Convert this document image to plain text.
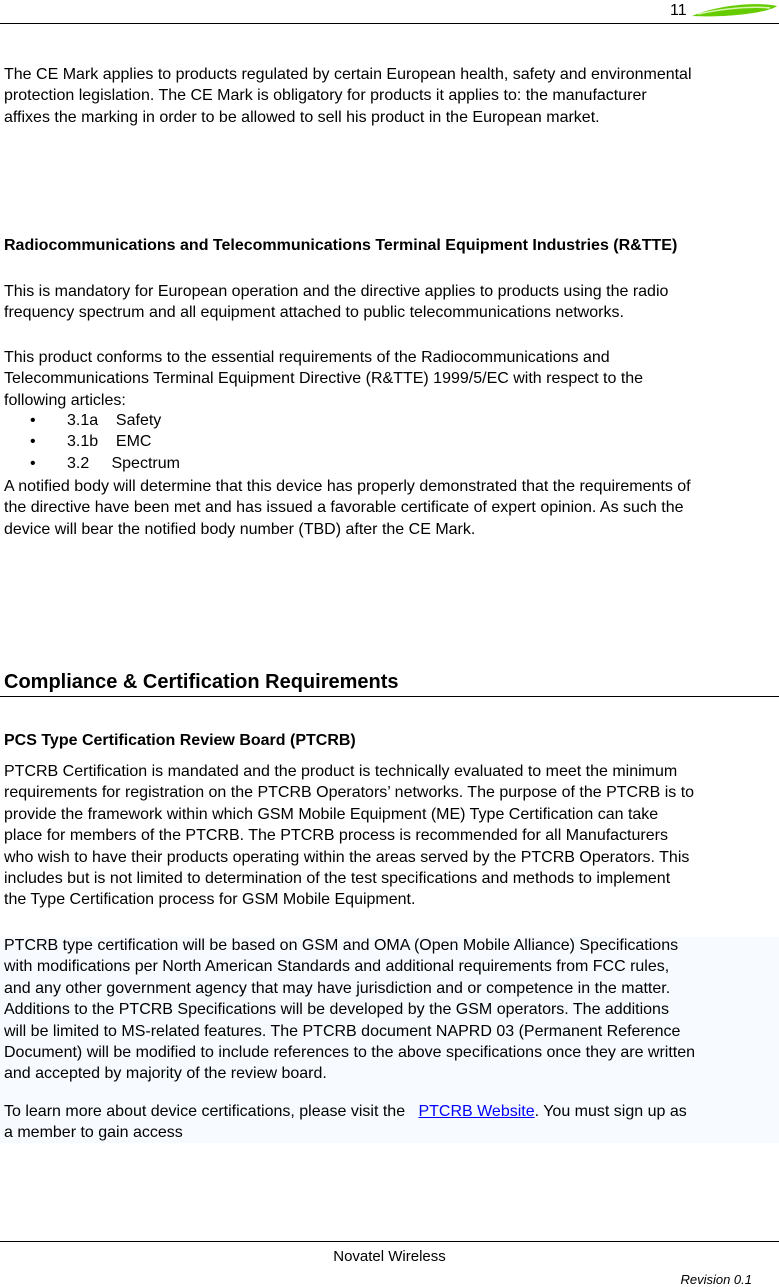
11
The CE Mark applies to products regulated by certain European health, safety and environmental
protection legislation. The CE Mark is obligatory for products it applies to: the manufacturer
affixes the marking in order to be allowed to sell his product in the European market.
Radiocommunications and Telecommunications Terminal Equipment Industries (R&TTE)
This is mandatory for European operation and the directive applies to products using the radio
frequency spectrum and all equipment attached to public telecommunications networks.
This product conforms to the essential requirements of the Radiocommunications and
Telecommunications Terminal Equipment Directive (R&TTE) 1999/5/EC with respect to the
following articles:
• 3.1a    Safety
• 3.1b    EMC
• 3.2     Spectrum
A notified body will determine that this device has properly demonstrated that the requirements of
the directive have been met and has issued a favorable certificate of expert opinion. As such the
device will bear the notified body number (TBD) after the CE Mark.
Compliance & Certification Requirements
PCS Type Certification Review Board (PTCRB)
PTCRB Certification is mandated and the product is technically evaluated to meet the minimum
requirements for registration on the PTCRB Operators’ networks. The purpose of the PTCRB is to
provide the framework within which GSM Mobile Equipment (ME) Type Certification can take
place for members of the PTCRB. The PTCRB process is recommended for all Manufacturers
who wish to have their products operating within the areas served by the PTCRB Operators. This
includes but is not limited to determination of the test specifications and methods to implement
the Type Certification process for GSM Mobile Equipment.
PTCRB type certification will be based on GSM and OMA (Open Mobile Alliance) Specifications
with modifications per North American Standards and additional requirements from FCC rules,
and any other government agency that may have jurisdiction and or competence in the matter.
Additions to the PTCRB Specifications will be developed by the GSM operators. The additions
will be limited to MS-related features. The PTCRB document NAPRD 03 (Permanent Reference
Document) will be modified to include references to the above specifications once they are written
and accepted by majority of the review board.
To learn more about device certifications, please visit the   PTCRB Website. You must sign up as
a member to gain access
Novatel Wireless
Revision 0.1
